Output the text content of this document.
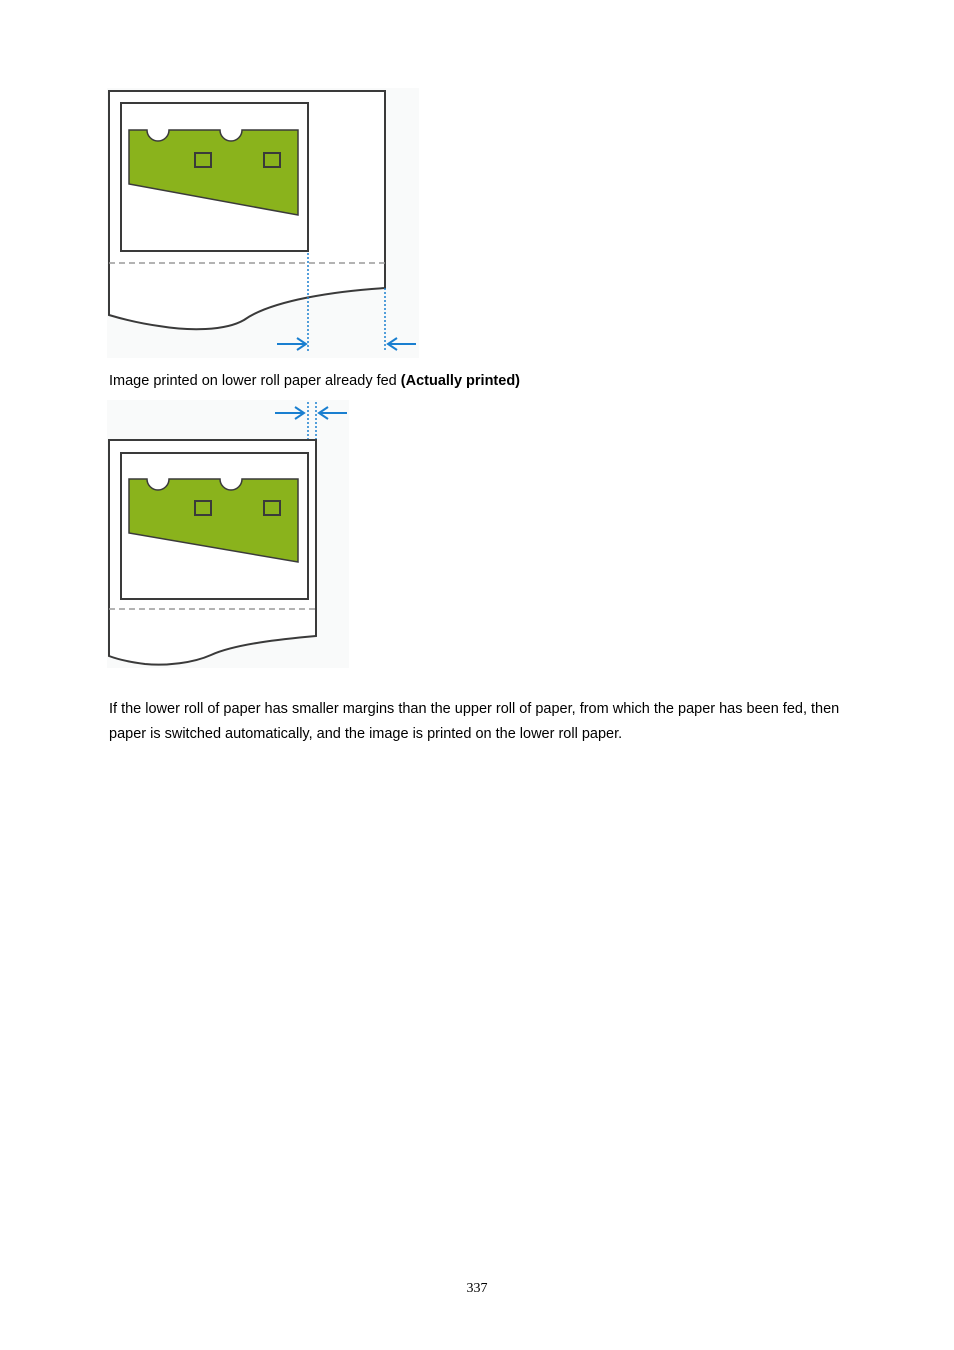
Image printed on lower roll paper already fed (Actually printed)

If the lower roll of paper has smaller margins than the upper roll of paper, from which the paper has been fed, then paper is switched automatically, and the image is printed on the lower roll paper.

337
